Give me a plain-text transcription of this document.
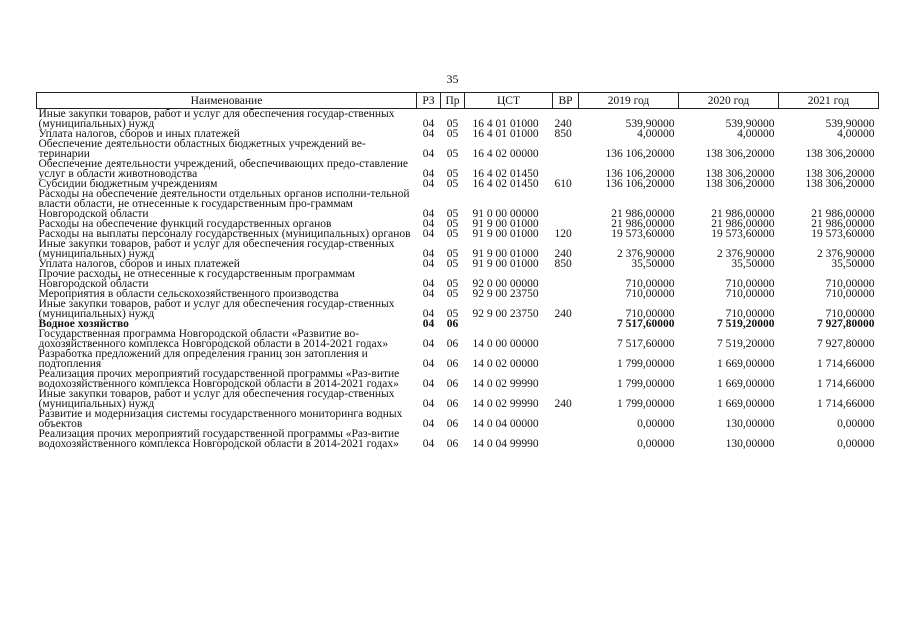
35
Наименование	РЗ	Пр	ЦСТ	ВР	2019 год	2020 год	2021 год
Иные закупки товаров, работ и услуг для обеспечения государ-ственных (муниципальных) нужд	04	05	16 4 01 01000	240	539,90000	539,90000	539,90000
Уплата налогов, сборов и иных платежей	04	05	16 4 01 01000	850	4,00000	4,00000	4,00000
Обеспечение деятельности областных бюджетных учреждений ве-теринарии	04	05	16 4 02 00000		136 106,20000	138 306,20000	138 306,20000
Обеспечение деятельности учреждений, обеспечивающих предо-ставление услуг в области животноводства	04	05	16 4 02 01450		136 106,20000	138 306,20000	138 306,20000
Субсидии бюджетным учреждениям	04	05	16 4 02 01450	610	136 106,20000	138 306,20000	138 306,20000
Расходы на обеспечение деятельности отдельных органов исполни-тельной власти области, не отнесенные к государственным про-граммам Новгородской области	04	05	91 0 00 00000		21 986,00000	21 986,00000	21 986,00000
Расходы на обеспечение функций государственных органов	04	05	91 9 00 01000		21 986,00000	21 986,00000	21 986,00000
Расходы на выплаты персоналу государственных (муниципальных) органов	04	05	91 9 00 01000	120	19 573,60000	19 573,60000	19 573,60000
Иные закупки товаров, работ и услуг для обеспечения государ-ственных (муниципальных) нужд	04	05	91 9 00 01000	240	2 376,90000	2 376,90000	2 376,90000
Уплата налогов, сборов и иных платежей	04	05	91 9 00 01000	850	35,50000	35,50000	35,50000
Прочие расходы, не отнесенные к государственным программам Новгородской области	04	05	92 0 00 00000		710,00000	710,00000	710,00000
Мероприятия в области сельскохозяйственного производства	04	05	92 9 00 23750		710,00000	710,00000	710,00000
Иные закупки товаров, работ и услуг для обеспечения государ-ственных (муниципальных) нужд	04	05	92 9 00 23750	240	710,00000	710,00000	710,00000
Водное хозяйство	04	06			7 517,60000	7 519,20000	7 927,80000
Государственная программа Новгородской области «Развитие во-дохозяйственного комплекса Новгородской области в 2014-2021 годах»	04	06	14 0 00 00000		7 517,60000	7 519,20000	7 927,80000
Разработка предложений для определения границ зон затопления и подтопления	04	06	14 0 02 00000		1 799,00000	1 669,00000	1 714,66000
Реализация прочих мероприятий государственной программы «Раз-витие водохозяйственного комплекса Новгородской области в 2014-2021 годах»	04	06	14 0 02 99990		1 799,00000	1 669,00000	1 714,66000
Иные закупки товаров, работ и услуг для обеспечения государ-ственных (муниципальных) нужд	04	06	14 0 02 99990	240	1 799,00000	1 669,00000	1 714,66000
Развитие и модернизация системы государственного мониторинга водных объектов	04	06	14 0 04 00000		0,00000	130,00000	0,00000
Реализация прочих мероприятий государственной программы «Раз-витие водохозяйственного комплекса Новгородской области в 2014-2021 годах»	04	06	14 0 04 99990		0,00000	130,00000	0,00000
